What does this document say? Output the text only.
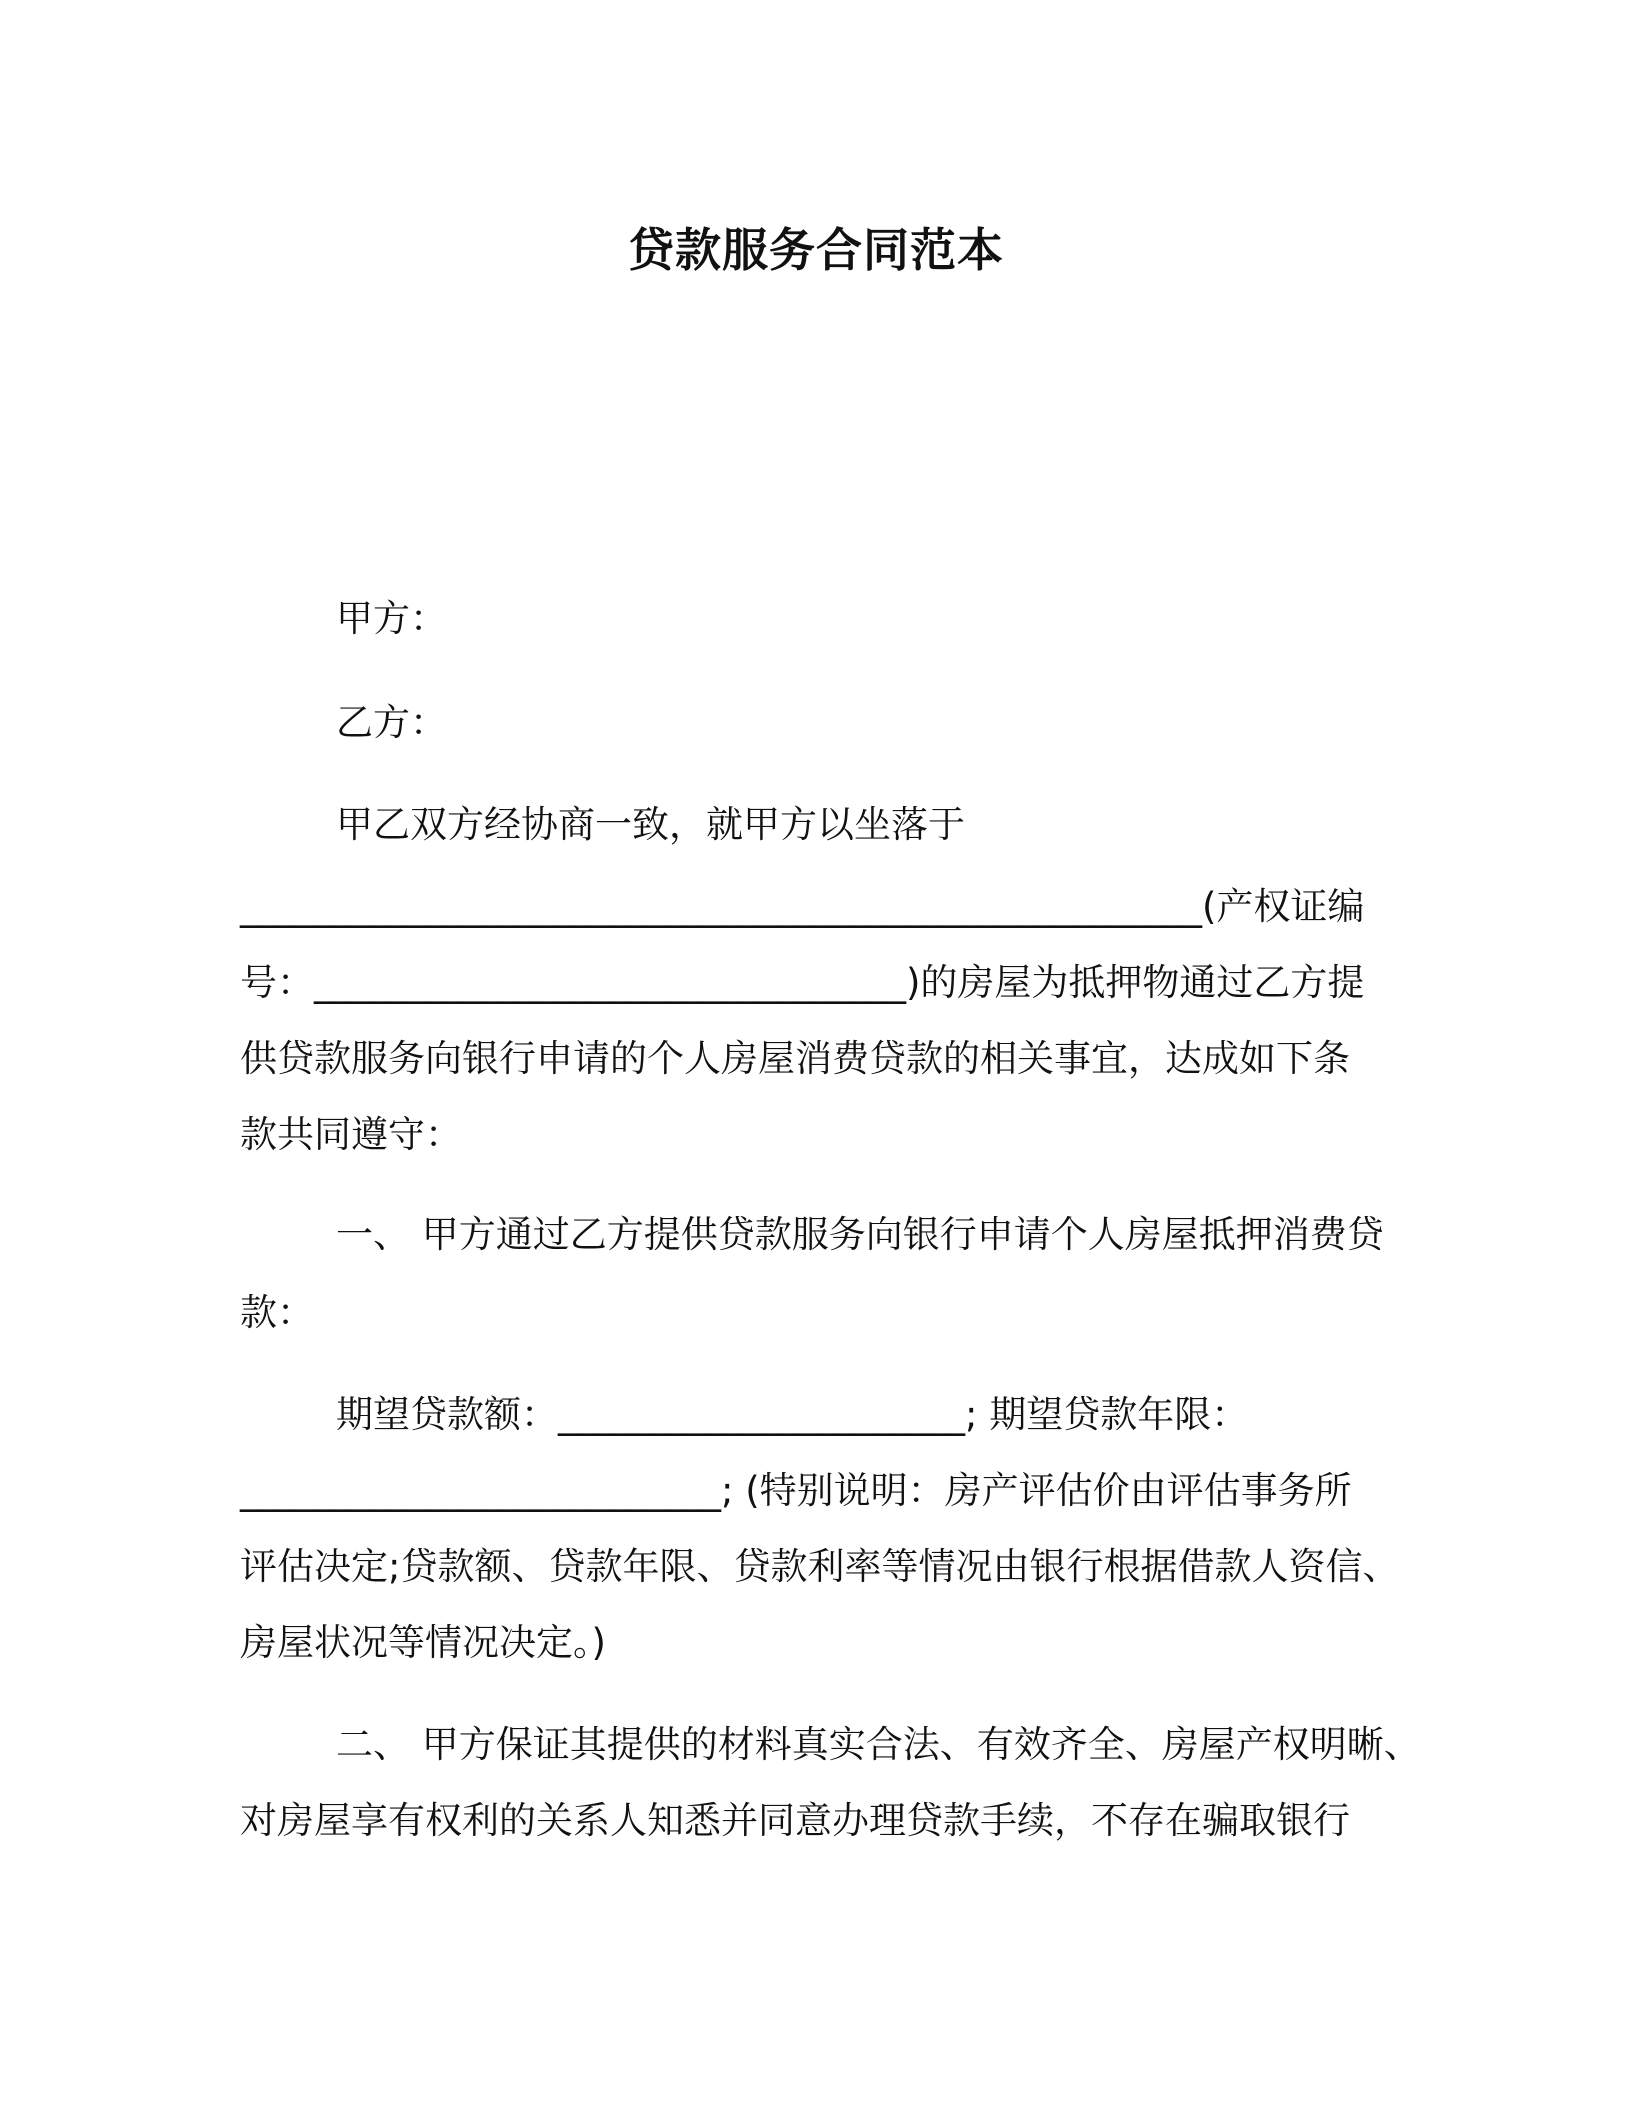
贷款服务合同范本
甲方：
乙方：
甲乙双方经协商一致，就甲方以坐落于
____________________________________________________(产权证编
号：________________________________)的房屋为抵押物通过乙方提
供贷款服务向银行申请的个人房屋消费贷款的相关事宜，达成如下条
款共同遵守：
一、 甲方通过乙方提供贷款服务向银行申请个人房屋抵押消费贷
款：
期望贷款额：______________________; 期望贷款年限：
__________________________; (特别说明：房产评估价由评估事务所
评估决定;贷款额、贷款年限、贷款利率等情况由银行根据借款人资信、
房屋状况等情况决定。)
二、 甲方保证其提供的材料真实合法、有效齐全、房屋产权明晰、
对房屋享有权利的关系人知悉并同意办理贷款手续，不存在骗取银行
